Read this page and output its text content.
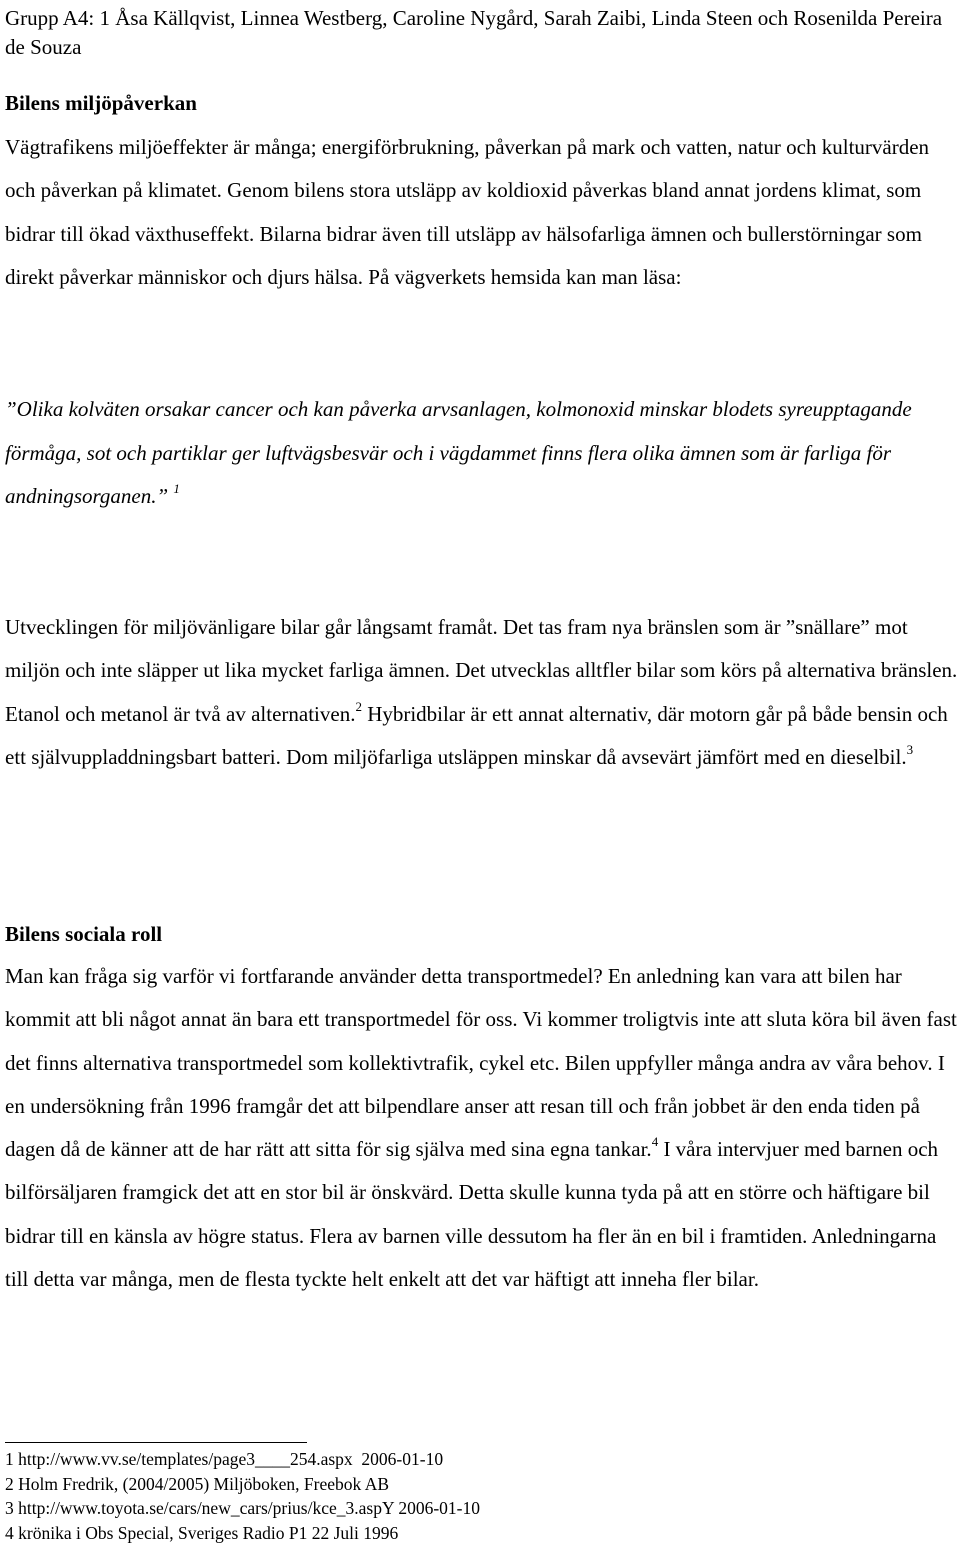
Grupp A4: 1 Åsa Källqvist, Linnea Westberg, Caroline Nygård, Sarah Zaibi, Linda Steen och Rosenilda Pereira de Souza
Bilens miljöpåverkan

Vägtrafikens miljöeffekter är många; energiförbrukning, påverkan på mark och vatten, natur och kulturvärden och påverkan på klimatet. Genom bilens stora utsläpp av koldioxid påverkas bland annat jordens klimat, som bidrar till ökad växthuseffekt. Bilarna bidrar även till utsläpp av hälsofarliga ämnen och bullerstörningar som direkt påverkar människor och djurs hälsa. På vägverkets hemsida kan man läsa:

”Olika kolväten orsakar cancer och kan påverka arvsanlagen, kolmonoxid minskar blodets syreupptagande förmåga, sot och partiklar ger luftvägsbesvär och i vägdammet finns flera olika ämnen som är farliga för andningsorganen.” $^1$

Utvecklingen för miljövänligare bilar går långsamt framåt. Det tas fram nya bränslen som är ”snällare” mot miljön och inte släpper ut lika mycket farliga ämnen. Det utvecklas alltfler bilar som körs på alternativa bränslen. Etanol och metanol är två av alternativen.$^2$ Hybridbilar är ett annat alternativ, där motorn går på både bensin och ett självuppladdningsbart batteri. Dom miljöfarliga utsläppen minskar då avsevärt jämfört med en dieselbil.$^3$

Bilens sociala roll

Man kan fråga sig varför vi fortfarande använder detta transportmedel? En anledning kan vara att bilen har kommit att bli något annat än bara ett transportmedel för oss. Vi kommer troligtvis inte att sluta köra bil även fast det finns alternativa transportmedel som kollektivtrafik, cykel etc. Bilen uppfyller många andra av våra behov. I en undersökning från 1996 framgår det att bilpendlare anser att resan till och från jobbet är den enda tiden på dagen då de känner att de har rätt att sitta för sig själva med sina egna tankar.$^4$ I våra intervjuer med barnen och bilförsäljaren framgick det att en stor bil är önskvärd. Detta skulle kunna tyda på att en större och häftigare bil bidrar till en känsla av högre status. Flera av barnen ville dessutom ha fler än en bil i framtiden. Anledningarna till detta var många, men de flesta tyckte helt enkelt att det var häftigt att inneha fler bilar.

1 http://www.vv.se/templates/page3____254.aspx  2006-01-10
2 Holm Fredrik, (2004/2005) Miljöboken, Freebok AB
3 http://www.toyota.se/cars/new_cars/prius/kce_3.aspY 2006-01-10
4 krönika i Obs Special, Sveriges Radio P1 22 Juli 1996
